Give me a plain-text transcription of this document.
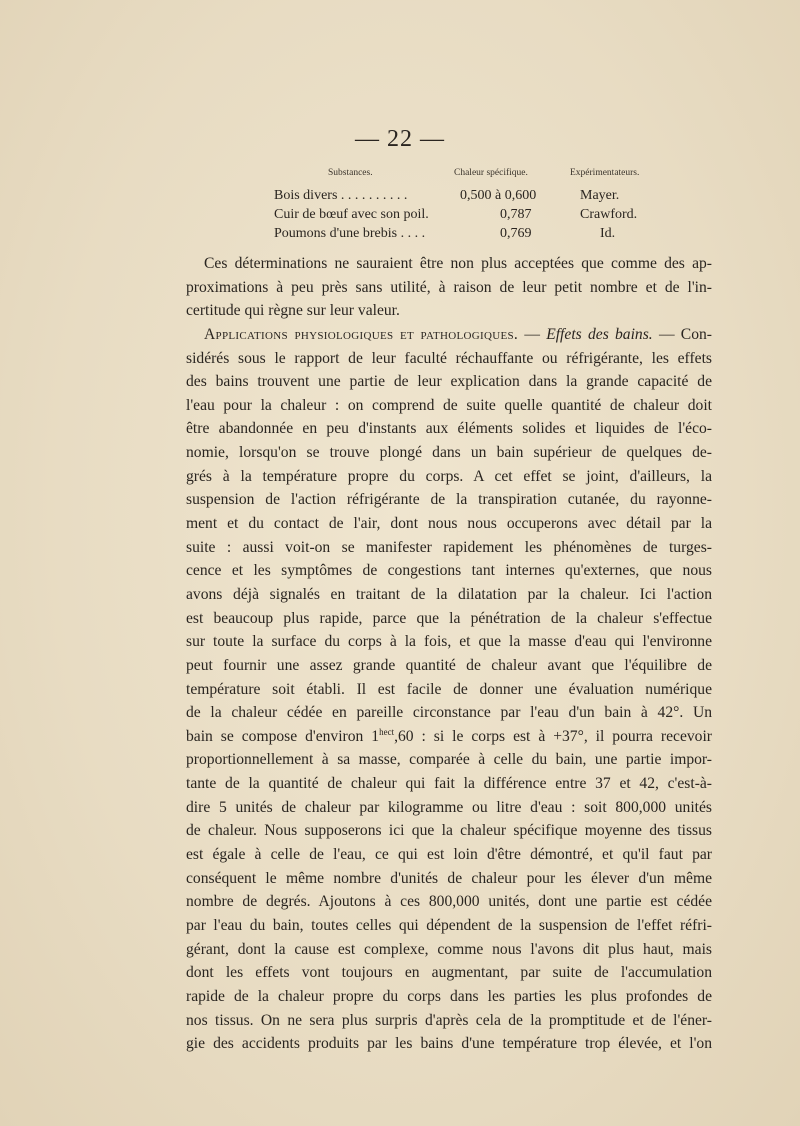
— 22 —
Substances.	Chaleur spécifique.	Expérimentateurs.
Bois divers . . . . . . . . . .	0,500 à 0,600	Mayer.
Cuir de bœuf avec son poil.	0,787	Crawford.
Poumons d'une brebis . . . .	0,769	Id.
Ces déterminations ne sauraient être non plus acceptées que comme des ap-
proximations à peu près sans utilité, à raison de leur petit nombre et de l'in-
certitude qui règne sur leur valeur.
Applications physiologiques et pathologiques. — Effets des bains. — Con-
sidérés sous le rapport de leur faculté réchauffante ou réfrigérante, les effets
des bains trouvent une partie de leur explication dans la grande capacité de
l'eau pour la chaleur : on comprend de suite quelle quantité de chaleur doit
être abandonnée en peu d'instants aux éléments solides et liquides de l'éco-
nomie, lorsqu'on se trouve plongé dans un bain supérieur de quelques de-
grés à la température propre du corps. A cet effet se joint, d'ailleurs, la
suspension de l'action réfrigérante de la transpiration cutanée, du rayonne-
ment et du contact de l'air, dont nous nous occuperons avec détail par la
suite : aussi voit-on se manifester rapidement les phénomènes de turges-
cence et les symptômes de congestions tant internes qu'externes, que nous
avons déjà signalés en traitant de la dilatation par la chaleur. Ici l'action
est beaucoup plus rapide, parce que la pénétration de la chaleur s'effectue
sur toute la surface du corps à la fois, et que la masse d'eau qui l'environne
peut fournir une assez grande quantité de chaleur avant que l'équilibre de
température soit établi. Il est facile de donner une évaluation numérique
de la chaleur cédée en pareille circonstance par l'eau d'un bain à 42°. Un
bain se compose d'environ $1^{hect},60$ : si le corps est à +37°, il pourra recevoir
proportionnellement à sa masse, comparée à celle du bain, une partie impor-
tante de la quantité de chaleur qui fait la différence entre 37 et 42, c'est-à-
dire 5 unités de chaleur par kilogramme ou litre d'eau : soit 800,000 unités
de chaleur. Nous supposerons ici que la chaleur spécifique moyenne des tissus
est égale à celle de l'eau, ce qui est loin d'être démontré, et qu'il faut par
conséquent le même nombre d'unités de chaleur pour les élever d'un même
nombre de degrés. Ajoutons à ces 800,000 unités, dont une partie est cédée
par l'eau du bain, toutes celles qui dépendent de la suspension de l'effet réfri-
gérant, dont la cause est complexe, comme nous l'avons dit plus haut, mais
dont les effets vont toujours en augmentant, par suite de l'accumulation
rapide de la chaleur propre du corps dans les parties les plus profondes de
nos tissus. On ne sera plus surpris d'après cela de la promptitude et de l'éner-
gie des accidents produits par les bains d'une température trop élevée, et l'on
